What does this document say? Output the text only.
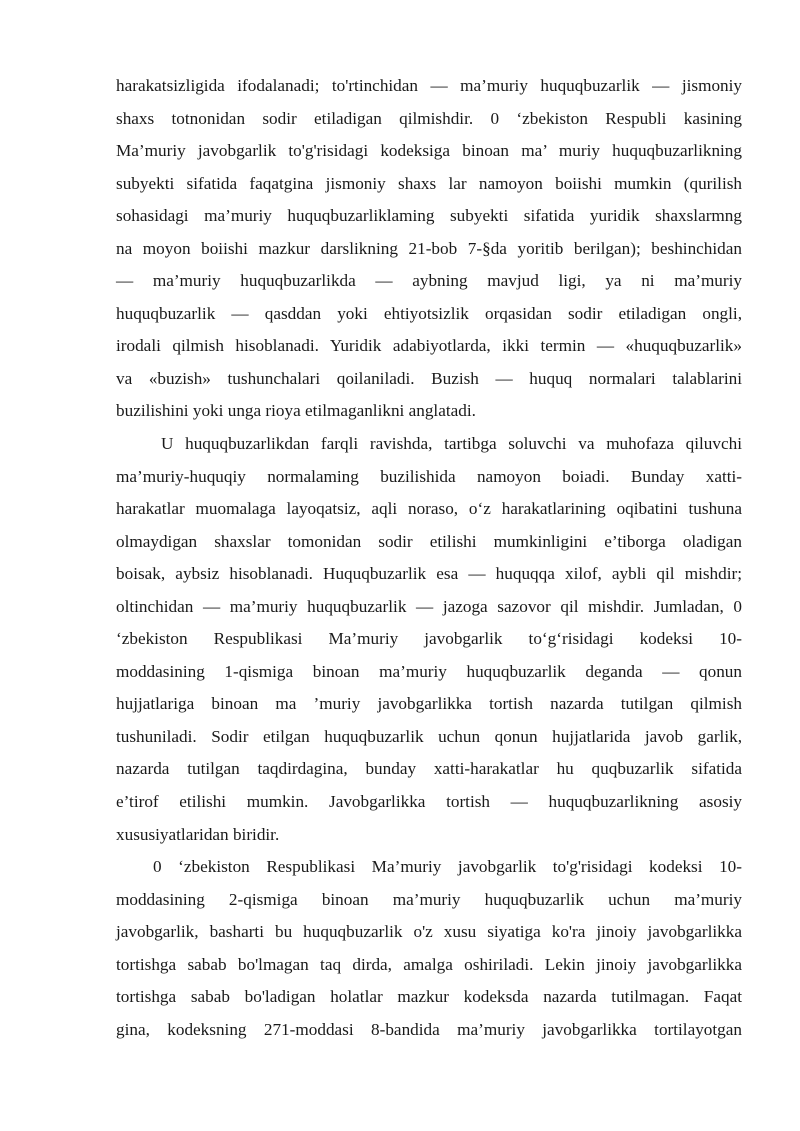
harakatsizligida ifodalanadi; to'rtinchidan — ma’muriy huquqbuzarlik — jismoniy
shaxs totnonidan sodir etiladigan qilmishdir. 0 ‘zbekiston Respubli kasining
Ma’muriy javobgarlik to'g'risidagi kodeksiga binoan ma’ muriy huquqbuzarlikning
subyekti sifatida faqatgina jismoniy shaxs lar namoyon boiishi mumkin (qurilish
sohasidagi ma’muriy huquqbuzarliklaming subyekti sifatida yuridik shaxslarmng
na moyon boiishi mazkur darslikning 21-bob 7-§da yoritib berilgan); beshinchidan
— ma’muriy huquqbuzarlikda — aybning mavjud ligi, ya ni ma’muriy
huquqbuzarlik — qasddan yoki ehtiyotsizlik orqasidan sodir etiladigan ongli,
irodali qilmish hisoblanadi. Yuridik adabiyotlarda, ikki termin — «huquqbuzarlik»
va «buzish» tushunchalari qoilaniladi. Buzish — huquq normalari talablarini
buzilishini yoki unga rioya etilmaganlikni anglatadi.
U huquqbuzarlikdan farqli ravishda, tartibga soluvchi va muhofaza qiluvchi
ma’muriy-huquqiy normalaming buzilishida namoyon boiadi. Bunday xatti-
harakatlar muomalaga layoqatsiz, aqli noraso, o‘z harakatlarining oqibatini tushuna
olmaydigan shaxslar tomonidan sodir etilishi mumkinligini e’tiborga oladigan
boisak, aybsiz hisoblanadi. Huquqbuzarlik esa — huquqqa xilof, aybli qil mishdir;
oltinchidan — ma’muriy huquqbuzarlik — jazoga sazovor qil mishdir. Jumladan, 0
‘zbekiston Respublikasi Ma’muriy javobgarlik to‘g‘risidagi kodeksi 10-
moddasining 1-qismiga binoan ma’muriy huquqbuzarlik deganda — qonun
hujjatlariga binoan ma ’muriy javobgarlikka tortish nazarda tutilgan qilmish
tushuniladi. Sodir etilgan huquqbuzarlik uchun qonun hujjatlarida javob garlik,
nazarda tutilgan taqdirdagina, bunday xatti-harakatlar hu quqbuzarlik sifatida
e’tirof etilishi mumkin. Javobgarlikka tortish — huquqbuzarlikning asosiy
xususiyatlaridan biridir.
0 ‘zbekiston Respublikasi Ma’muriy javobgarlik to'g'risidagi kodeksi 10-
moddasining 2-qismiga binoan ma’muriy huquqbuzarlik uchun ma’muriy
javobgarlik, basharti bu huquqbuzarlik o'z xusu siyatiga ko'ra jinoiy javobgarlikka
tortishga sabab bo'lmagan taq dirda, amalga oshiriladi. Lekin jinoiy javobgarlikka
tortishga sabab bo'ladigan holatlar mazkur kodeksda nazarda tutilmagan. Faqat
gina, kodeksning 271-moddasi 8-bandida ma’muriy javobgarlikka tortilayotgan
